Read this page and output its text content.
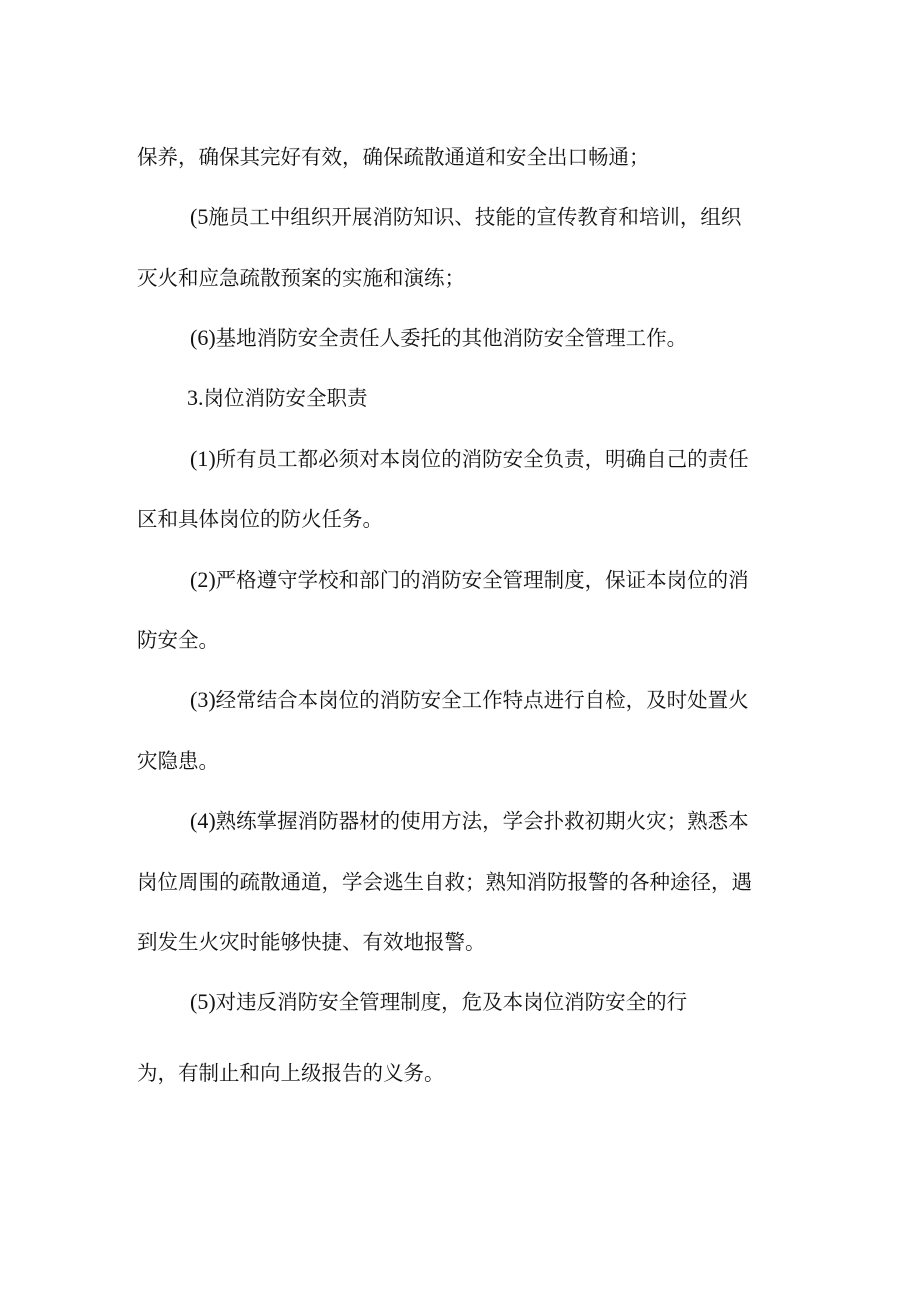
保养，确保其完好有效，确保疏散通道和安全出口畅通；
(5施员工中组织开展消防知识、技能的宣传教育和培训，组织
灭火和应急疏散预案的实施和演练；
(6)基地消防安全责任人委托的其他消防安全管理工作。
3.岗位消防安全职责
(1)所有员工都必须对本岗位的消防安全负责，明确自己的责任
区和具体岗位的防火任务。
(2)严格遵守学校和部门的消防安全管理制度，保证本岗位的消
防安全。
(3)经常结合本岗位的消防安全工作特点进行自检，及时处置火
灾隐患。
(4)熟练掌握消防器材的使用方法，学会扑救初期火灾；熟悉本
岗位周围的疏散通道，学会逃生自救；熟知消防报警的各种途径，遇
到发生火灾时能够快捷、有效地报警。
(5)对违反消防安全管理制度，危及本岗位消防安全的行
为，有制止和向上级报告的义务。
